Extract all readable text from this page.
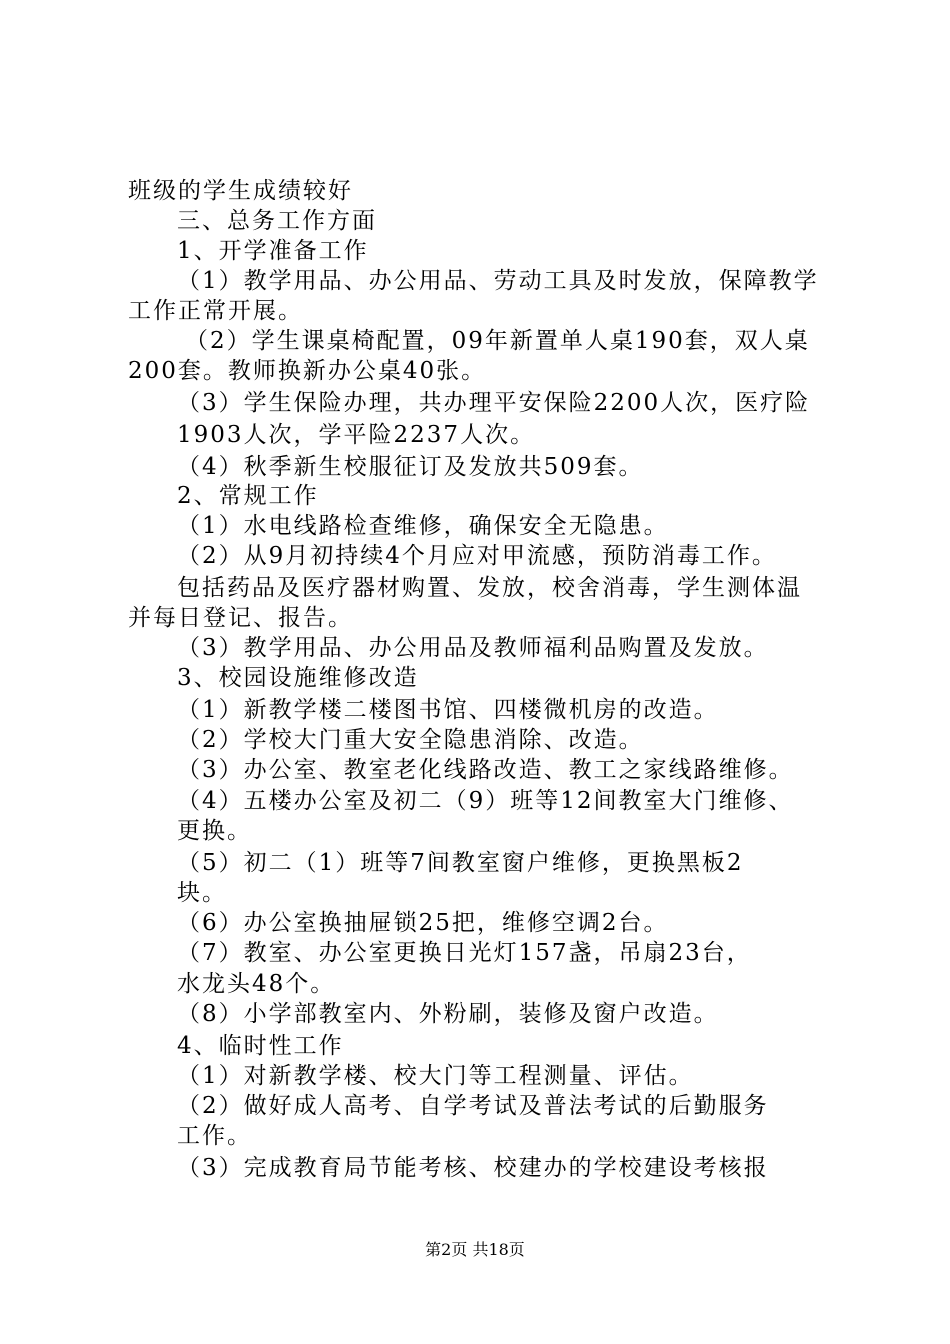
班级的学生成绩较好
三、总务工作方面
1、开学准备工作
（1）教学用品、办公用品、劳动工具及时发放，保障教学
工作正常开展。
（2）学生课桌椅配置，09年新置单人桌190套，双人桌
200套。教师换新办公桌40张。
（3）学生保险办理，共办理平安保险2200人次，医疗险
1903人次，学平险2237人次。
（4）秋季新生校服征订及发放共509套。
2、常规工作
（1）水电线路检查维修，确保安全无隐患。
（2）从9月初持续4个月应对甲流感，预防消毒工作。
包括药品及医疗器材购置、发放，校舍消毒，学生测体温
并每日登记、报告。
（3）教学用品、办公用品及教师福利品购置及发放。
3、校园设施维修改造
（1）新教学楼二楼图书馆、四楼微机房的改造。
（2）学校大门重大安全隐患消除、改造。
（3）办公室、教室老化线路改造、教工之家线路维修。
（4）五楼办公室及初二（9）班等12间教室大门维修、
更换。
（5）初二（1）班等7间教室窗户维修，更换黑板2
块。
（6）办公室换抽屉锁25把，维修空调2台。
（7）教室、办公室更换日光灯157盏，吊扇23台，
水龙头48个。
（8）小学部教室内、外粉刷，装修及窗户改造。
4、临时性工作
（1）对新教学楼、校大门等工程测量、评估。
（2）做好成人高考、自学考试及普法考试的后勤服务
工作。
（3）完成教育局节能考核、校建办的学校建设考核报
第2页 共18页
